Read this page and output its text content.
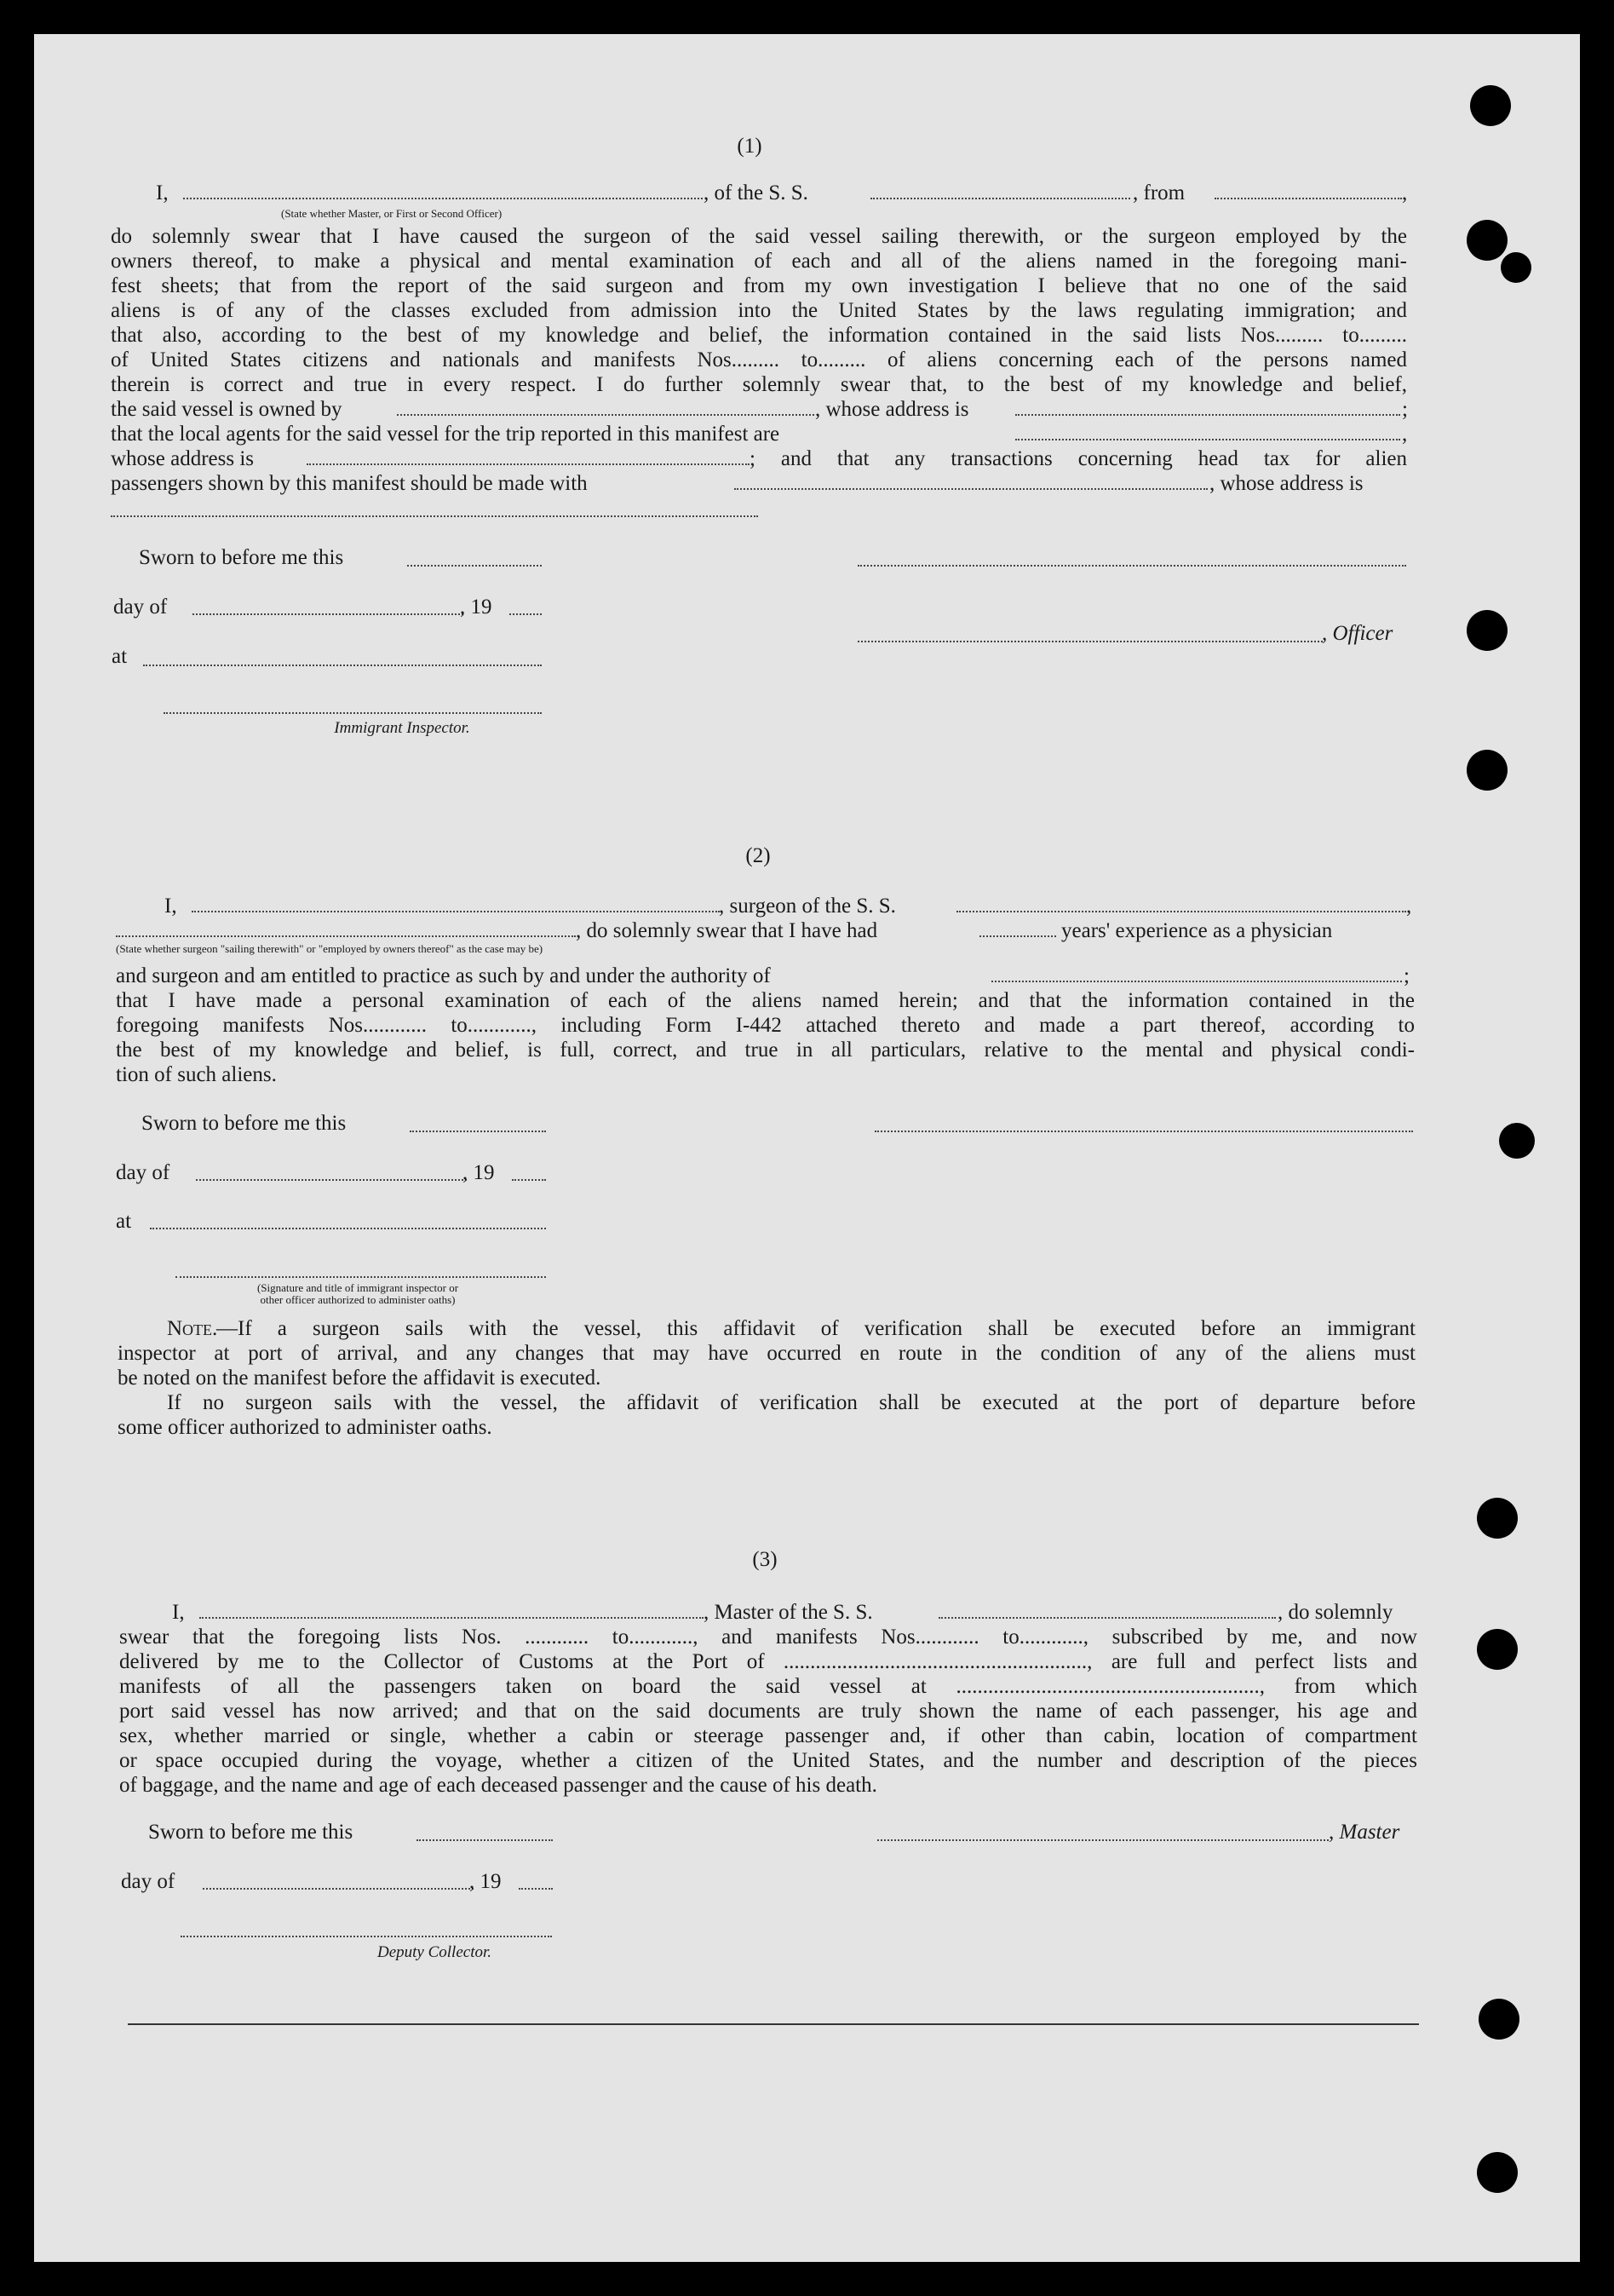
(1)
I,	, of the S. S.	, from	,
(State whether Master, or First or Second Officer)
do solemnly swear that I have caused the surgeon of the said vessel sailing therewith, or the surgeon employed by the
owners thereof, to make a physical and mental examination of each and all of the aliens named in the foregoing mani-
fest sheets; that from the report of the said surgeon and from my own investigation I believe that no one of the said
aliens is of any of the classes excluded from admission into the United States by the laws regulating immigration; and
that also, according to the best of my knowledge and belief, the information contained in the said lists Nos......... to.........
of United States citizens and nationals and manifests Nos......... to......... of aliens concerning each of the persons named
therein is correct and true in every respect. I do further solemnly swear that, to the best of my knowledge and belief,
the said vessel is owned by	, whose address is	;
that the local agents for the said vessel for the trip reported in this manifest are	,
whose address is	; and that any transactions concerning head tax for alien
passengers shown by this manifest should be made with	, whose address is
Sworn to before me this
day of	, 19
, Officer
at
Immigrant Inspector.
(2)
I,	, surgeon of the S. S.	,
, do solemnly swear that I have had	years' experience as a physician
(State whether surgeon "sailing therewith" or "employed by owners thereof" as the case may be)
and surgeon and am entitled to practice as such by and under the authority of	;
that I have made a personal examination of each of the aliens named herein; and that the information contained in the
foregoing manifests Nos............ to............, including Form I-442 attached thereto and made a part thereof, according to
the best of my knowledge and belief, is full, correct, and true in all particulars, relative to the mental and physical condi-
tion of such aliens.
Sworn to before me this
day of	, 19
at
(Signature and title of immigrant inspector or
other officer authorized to administer oaths)
Note.
—If a surgeon sails with the vessel, this affidavit of verification shall be executed before an immigrant
inspector at port of arrival, and any changes that may have occurred en route in the condition of any of the aliens must
be noted on the manifest before the affidavit is executed.
If no surgeon sails with the vessel, the affidavit of verification shall be executed at the port of departure before
some officer authorized to administer oaths.
(3)
I,	, Master of the S. S.	, do solemnly
swear that the foregoing lists Nos. ............ to............, and manifests Nos............ to............, subscribed by me, and now
delivered by me to the Collector of Customs at the Port of ........................................................., are full and perfect lists and
manifests of all the passengers taken on board the said vessel at ........................................................., from which
port said vessel has now arrived; and that on the said documents are truly shown the name of each passenger, his age and
sex, whether married or single, whether a cabin or steerage passenger and, if other than cabin, location of compartment
or space occupied during the voyage, whether a citizen of the United States, and the number and description of the pieces
of baggage, and the name and age of each deceased passenger and the cause of his death.
Sworn to before me this	, Master
day of	, 19
Deputy Collector.
